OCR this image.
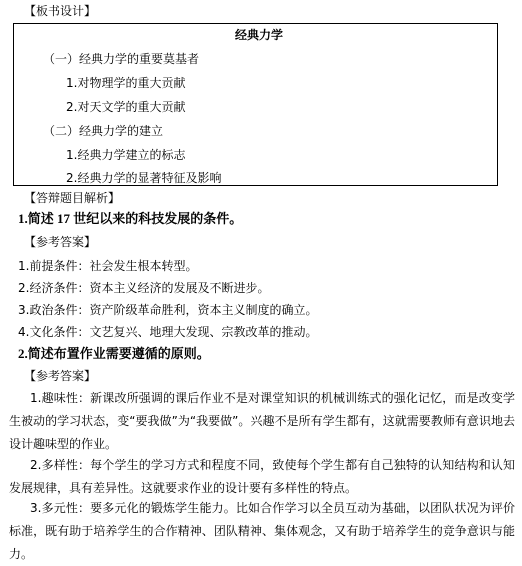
【板书设计】
经典力学
（一）经典力学的重要莫基者
1.对物理学的重大贡献
2.对天文学的重大贡献
（二）经典力学的建立
1.经典力学建立的标志
2.经典力学的显著特征及影响
【答辩题目解析】
1.简述 17 世纪以来的科技发展的条件。
【参考答案】
1.前提条件：社会发生根本转型。
2.经济条件：资本主义经济的发展及不断进步。
3.政治条件：资产阶级革命胜利，资本主义制度的确立。
4.文化条件：文艺复兴、地理大发现、宗教改革的推动。
2.简述布置作业需要遵循的原则。
【参考答案】
1.趣味性：新课改所强调的课后作业不是对课堂知识的机械训练式的强化记忆，而是改变学生被动的学习状态，变“要我做”为“我要做”。兴趣不是所有学生都有，这就需要教师有意识地去设计趣味型的作业。
2.多样性：每个学生的学习方式和程度不同，致使每个学生都有自己独特的认知结构和认知发展规律，具有差异性。这就要求作业的设计要有多样性的特点。
3.多元性：要多元化的锻炼学生能力。比如合作学习以全员互动为基础，以团队状况为评价标准，既有助于培养学生的合作精神、团队精神、集体观念，又有助于培养学生的竞争意识与能力。
